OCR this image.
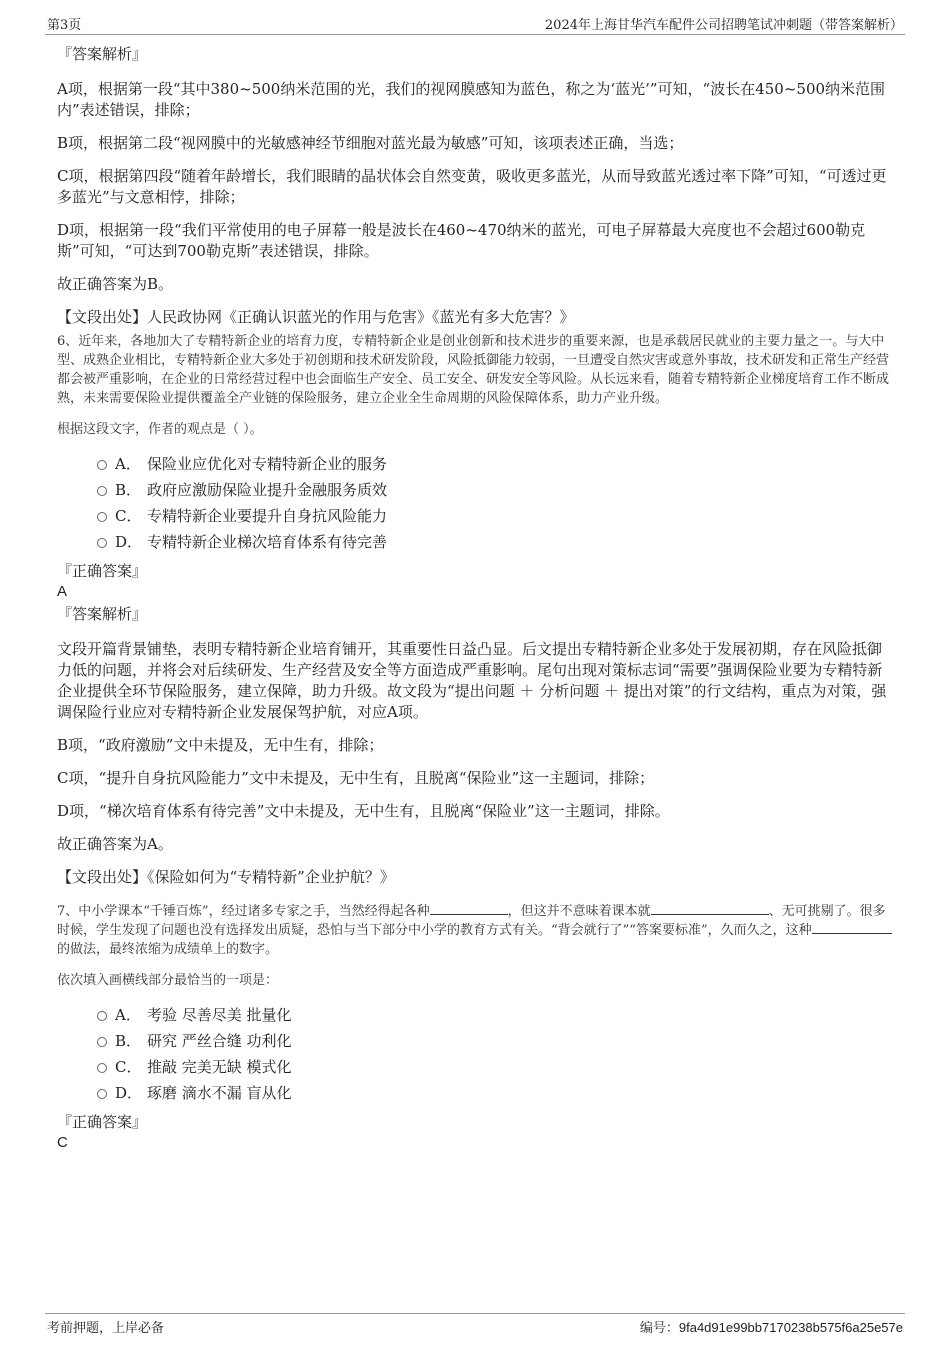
第3页	2024年上海甘华汽车配件公司招聘笔试冲刺题（带答案解析）

『答案解析』

A项，根据第一段“其中380~500纳米范围的光，我们的视网膜感知为蓝色，称之为‘蓝光’”可知，“波长在450~500纳米范围内”表述错误，排除；

B项，根据第二段“视网膜中的光敏感神经节细胞对蓝光最为敏感”可知，该项表述正确，当选；

C项，根据第四段“随着年龄增长，我们眼睛的晶状体会自然变黄，吸收更多蓝光，从而导致蓝光透过率下降”可知，“可透过更多蓝光”与文意相悖，排除；

D项，根据第一段“我们平常使用的电子屏幕一般是波长在460~470纳米的蓝光，可电子屏幕最大亮度也不会超过600勒克斯”可知，“可达到700勒克斯”表述错误，排除。

故正确答案为B。

【文段出处】人民政协网《正确认识蓝光的作用与危害》《蓝光有多大危害？》

6、近年来，各地加大了专精特新企业的培育力度，专精特新企业是创业创新和技术进步的重要来源，也是承载居民就业的主要力量之一。与大中型、成熟企业相比，专精特新企业大多处于初创期和技术研发阶段，风险抵御能力较弱，一旦遭受自然灾害或意外事故，技术研发和正常生产经营都会被严重影响，在企业的日常经营过程中也会面临生产安全、员工安全、研发安全等风险。从长远来看，随着专精特新企业梯度培育工作不断成熟，未来需要保险业提供覆盖全产业链的保险服务，建立企业全生命周期的风险保障体系，助力产业升级。

根据这段文字，作者的观点是（ ）。

A． 保险业应优化对专精特新企业的服务
B． 政府应激励保险业提升金融服务质效
C． 专精特新企业要提升自身抗风险能力
D． 专精特新企业梯次培育体系有待完善

『正确答案』

A

『答案解析』

文段开篇背景铺垫，表明专精特新企业培育铺开，其重要性日益凸显。后文提出专精特新企业多处于发展初期，存在风险抵御力低的问题，并将会对后续研发、生产经营及安全等方面造成严重影响。尾句出现对策标志词“需要”强调保险业要为专精特新企业提供全环节保险服务，建立保障，助力升级。故文段为“提出问题 ＋ 分析问题 ＋ 提出对策”的行文结构，重点为对策，强调保险行业应对专精特新企业发展保驾护航，对应A项。

B项，“政府激励”文中未提及，无中生有，排除；

C项，“提升自身抗风险能力”文中未提及，无中生有，且脱离“保险业”这一主题词，排除；

D项，“梯次培育体系有待完善”文中未提及，无中生有，且脱离“保险业”这一主题词，排除。

故正确答案为A。

【文段出处】《保险如何为“专精特新”企业护航？》

7、中小学课本“千锤百炼”，经过诸多专家之手，当然经得起各种	，但这并不意味着课本就	、无可挑剔了。很多时候，学生发现了问题也没有选择发出质疑，恐怕与当下部分中小学的教育方式有关。“背会就行了”“答案要标准”，久而久之，这种的做法，最终浓缩为成绩单上的数字。

依次填入画横线部分最恰当的一项是：

A． 考验 尽善尽美 批量化
B． 研究 严丝合缝 功利化
C． 推敲 完美无缺 模式化
D． 琢磨 滴水不漏 盲从化

『正确答案』

C

考前押题，上岸必备	编号：9fa4d91e99bb7170238b575f6a25e57e
